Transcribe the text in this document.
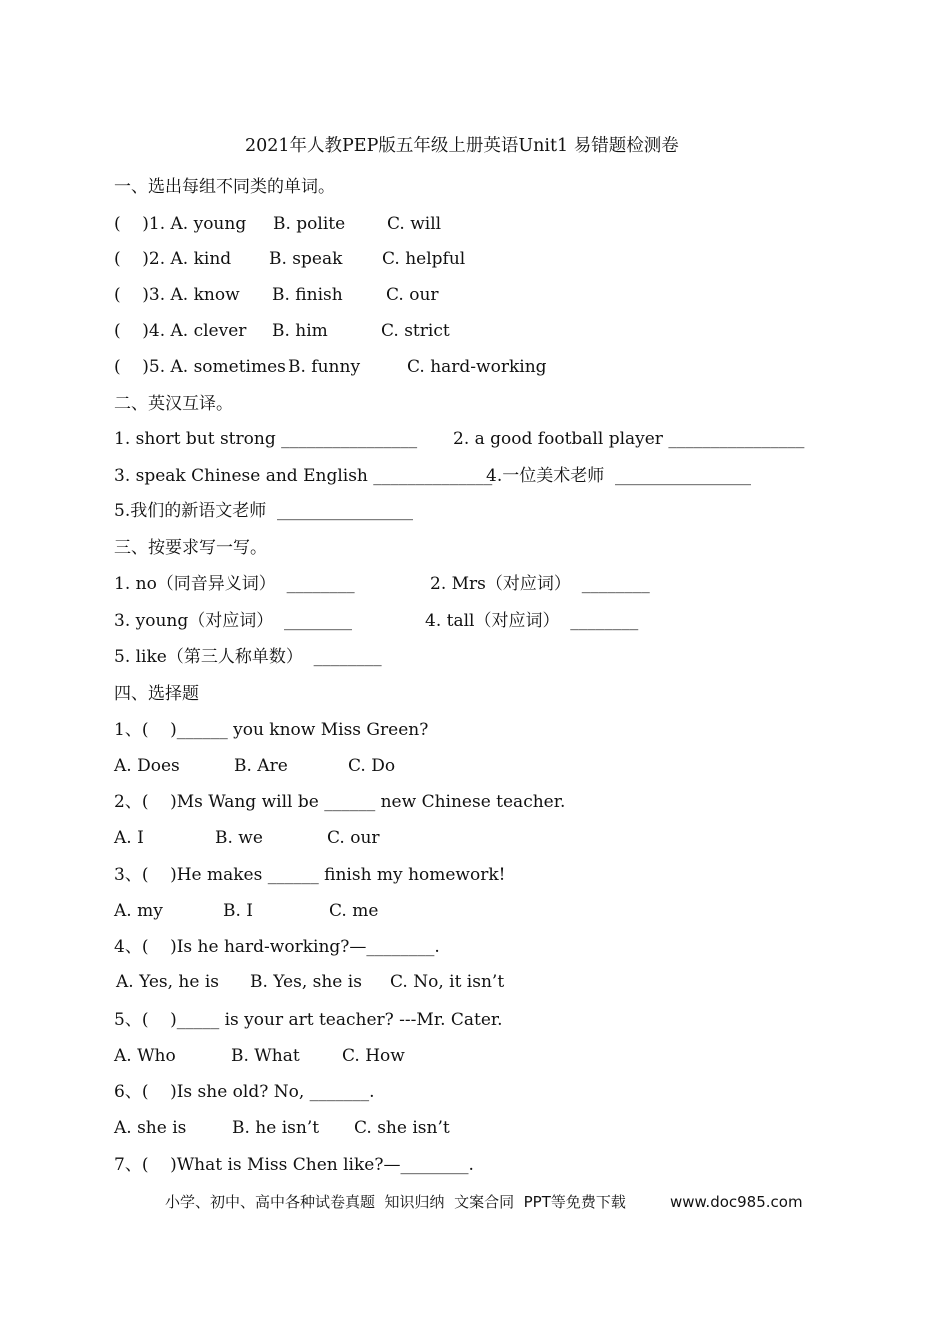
2021年人教PEP版五年级上册英语Unit1 易错题检测卷
一、选出每组不同类的单词。

(    )1. A. young

B. polite

C. will

(    )2. A. kind

B. speak

C. helpful

(    )3. A. know

B. finish

	C. our

(    )4. A. clever

B. him

	C. strict

(    )5. A. sometimes

B. funny

	C. hard-working

二、英汉互译。

1. short but strong ________________

2. a good football player ________________

3. speak Chinese and English ______________

4.一位美术老师  ________________

5.我们的新语文老师  ________________

三、按要求写一写。

1. no（同音异义词）  ________

	2. Mrs（对应词）  ________

3. young（对应词）  ________

	4. tall（对应词）  ________

5. like（第三人称单数）  ________

四、选择题
1、(    )______ you know Miss Green?

A. Does

	B. Are

	C. Do

2、(    )Ms Wang will be ______ new Chinese teacher.

A. I

	B. we

	C. our

3、(    )He makes ______ finish my homework!

A. my

	B. I

	C. me

4、(    )Is he hard-working?—________.

A. Yes, he is

B. Yes, she is

C. No, it isn’t

5、(    )_____ is your art teacher? ---Mr. Cater.

A. Who

	B. What

C. How

6、(    )Is she old? No, _______.

A. she is

	B. he isn’t

C. she isn’t

7、(    )What is Miss Chen like?—________.
小学、初中、高中各种试卷真题  知识归纳  文案合同  PPT等免费下载	www.doc985.com
